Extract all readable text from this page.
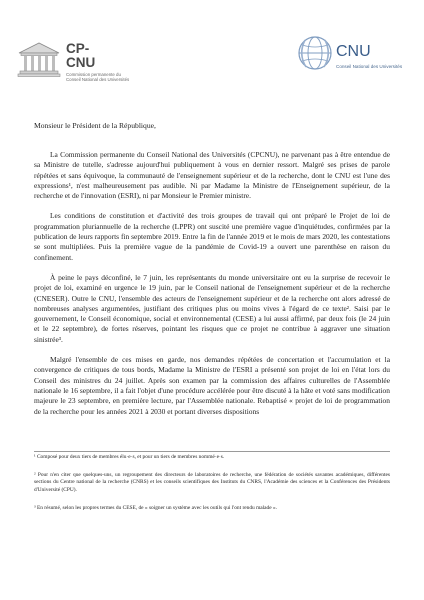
CP-
CNU
Commission permanente du
Conseil National des Universités
CNU
Conseil National des Universités
Monsieur le Président de la République,

La Commission permanente du Conseil National des Universités (CPCNU), ne parvenant pas à être entendue de sa Ministre de tutelle, s'adresse aujourd'hui publiquement à vous en dernier ressort. Malgré ses prises de parole répétées et sans équivoque, la communauté de l'enseignement supérieur et de la recherche, dont le CNU est l'une des expressions¹, n'est malheureusement pas audible. Ni par Madame la Ministre de l'Enseignement supérieur, de la recherche et de l'innovation (ESRI), ni par Monsieur le Premier ministre.

Les conditions de constitution et d'activité des trois groupes de travail qui ont préparé le Projet de loi de programmation pluriannuelle de la recherche (LPPR) ont suscité une première vague d'inquiétudes, confirmées par la publication de leurs rapports fin septembre 2019. Entre la fin de l'année 2019 et le mois de mars 2020, les contestations se sont multipliées. Puis la première vague de la pandémie de Covid-19 a ouvert une parenthèse en raison du confinement.

À peine le pays déconfiné, le 7 juin, les représentants du monde universitaire ont eu la surprise de recevoir le projet de loi, examiné en urgence le 19 juin, par le Conseil national de l'enseignement supérieur et de la recherche (CNESER). Outre le CNU, l'ensemble des acteurs de l'enseignement supérieur et de la recherche ont alors adressé de nombreuses analyses argumentées, justifiant des critiques plus ou moins vives à l'égard de ce texte². Saisi par le gouvernement, le Conseil économique, social et environnemental (CESE) a lui aussi affirmé, par deux fois (le 24 juin et le 22 septembre), de fortes réserves, pointant les risques que ce projet ne contribue à aggraver une situation sinistrée³.

Malgré l'ensemble de ces mises en garde, nos demandes répétées de concertation et l'accumulation et la convergence de critiques de tous bords, Madame la Ministre de l'ESRI a présenté son projet de loi en l'état lors du Conseil des ministres du 24 juillet. Après son examen par la commission des affaires culturelles de l'Assemblée nationale le 16 septembre, il a fait l'objet d'une procédure accélérée pour être discuté à la hâte et voté sans modification majeure le 23 septembre, en première lecture, par l'Assemblée nationale. Rebaptisé « projet de loi de programmation de la recherche pour les années 2021 à 2030 et portant diverses dispositions

¹ Composé pour deux tiers de membres élu·e·s, et pour un tiers de membres nommé·e·s.

² Pour n'en citer que quelques-uns, un regroupement des directeurs de laboratoires de recherche, une fédération de sociétés savantes académiques, différentes sections du Centre national de la recherche (CNRS) et les conseils scientifiques des Instituts du CNRS, l'Académie des sciences et la Conférences des Présidents d'Université (CPU).

³ En résumé, selon les propres termes du CESE, de « soigner un système avec les outils qui l'ont rendu malade ».
